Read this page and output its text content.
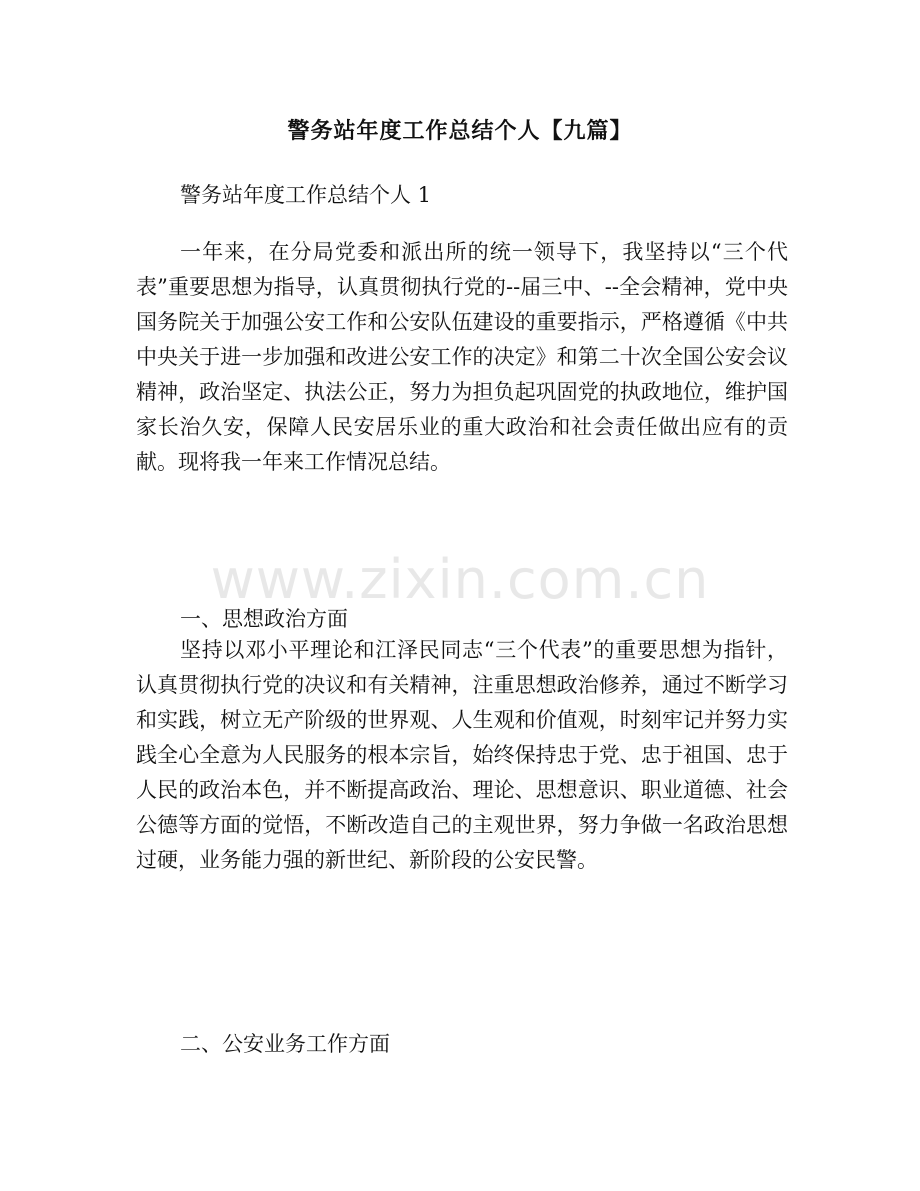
警务站年度工作总结个人【九篇】
警务站年度工作总结个人 1

一年来，在分局党委和派出所的统一领导下，我坚持以“三个代表”重要思想为指导，认真贯彻执行党的--届三中、--全会精神，党中央国务院关于加强公安工作和公安队伍建设的重要指示，严格遵循《中共中央关于进一步加强和改进公安工作的决定》和第二十次全国公安会议精神，政治坚定、执法公正，努力为担负起巩固党的执政地位，维护国家长治久安，保障人民安居乐业的重大政治和社会责任做出应有的贡献。现将我一年来工作情况总结。

一、思想政治方面

坚持以邓小平理论和江泽民同志“三个代表”的重要思想为指针，认真贯彻执行党的决议和有关精神，注重思想政治修养，通过不断学习和实践，树立无产阶级的世界观、人生观和价值观，时刻牢记并努力实践全心全意为人民服务的根本宗旨，始终保持忠于党、忠于祖国、忠于人民的政治本色，并不断提高政治、理论、思想意识、职业道德、社会公德等方面的觉悟，不断改造自己的主观世界，努力争做一名政治思想过硬，业务能力强的新世纪、新阶段的公安民警。

二、公安业务工作方面
www.zixin.com.cn
